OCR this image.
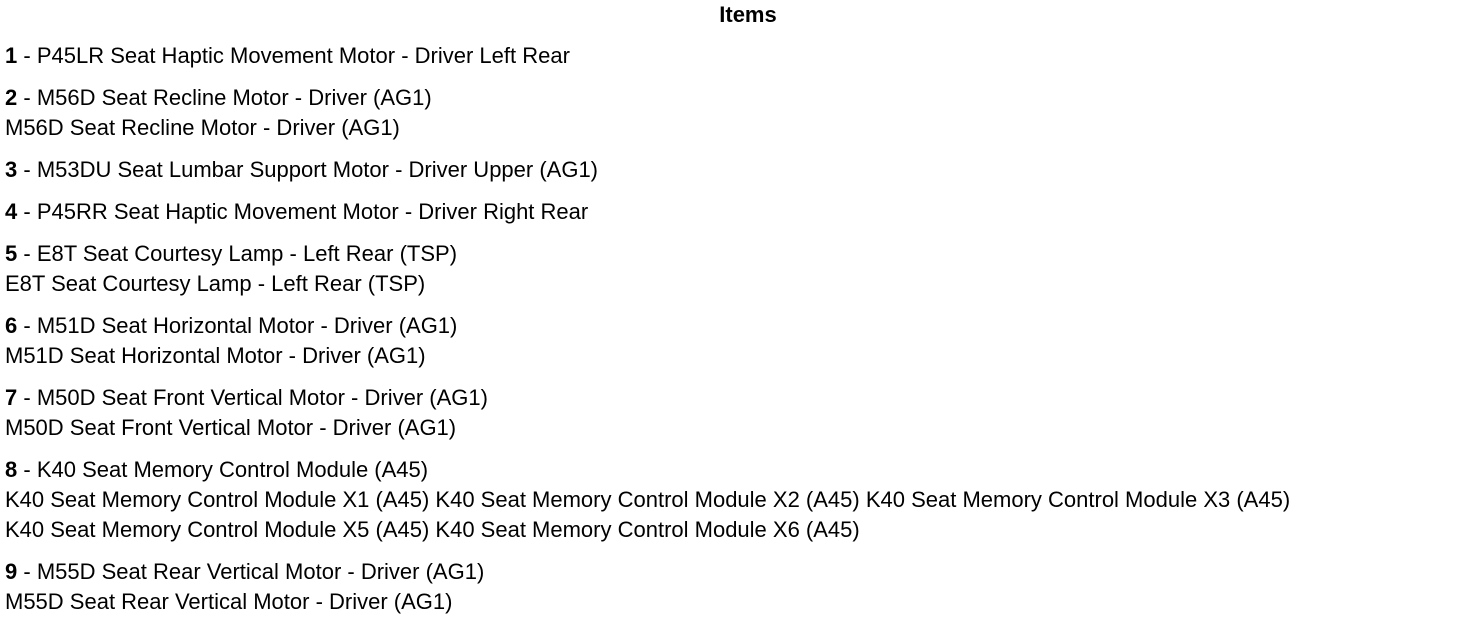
Items
1 - P45LR Seat Haptic Movement Motor - Driver Left Rear
2 - M56D Seat Recline Motor - Driver (AG1)
M56D Seat Recline Motor - Driver (AG1)
3 - M53DU Seat Lumbar Support Motor - Driver Upper (AG1)
4 - P45RR Seat Haptic Movement Motor - Driver Right Rear
5 - E8T Seat Courtesy Lamp - Left Rear (TSP)
E8T Seat Courtesy Lamp - Left Rear (TSP)
6 - M51D Seat Horizontal Motor - Driver (AG1)
M51D Seat Horizontal Motor - Driver (AG1)
7 - M50D Seat Front Vertical Motor - Driver (AG1)
M50D Seat Front Vertical Motor - Driver (AG1)
8 - K40 Seat Memory Control Module (A45)
K40 Seat Memory Control Module X1 (A45) K40 Seat Memory Control Module X2 (A45) K40 Seat Memory Control Module X3 (A45)
K40 Seat Memory Control Module X5 (A45) K40 Seat Memory Control Module X6 (A45)
9 - M55D Seat Rear Vertical Motor - Driver (AG1)
M55D Seat Rear Vertical Motor - Driver (AG1)
